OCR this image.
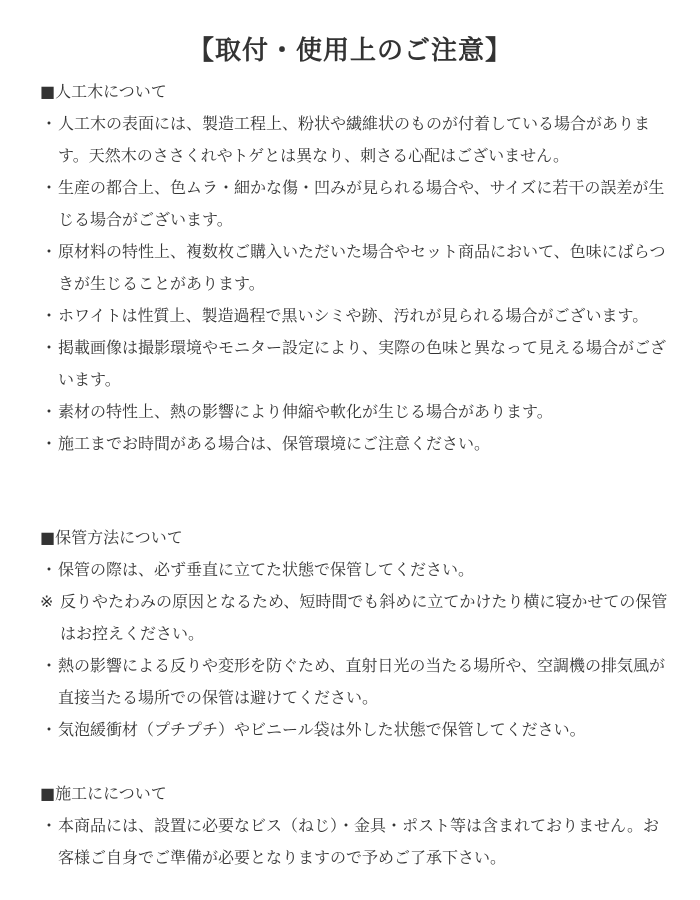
【取付・使用上のご注意】
■人工木について

・ 人工木の表面には、製造工程上、粉状や繊維状のものが付着している場合があります。天然木のささくれやトゲとは異なり、刺さる心配はございません。

・ 生産の都合上、色ムラ・細かな傷・凹みが見られる場合や、サイズに若干の誤差が生じる場合がございます。

・ 原材料の特性上、複数枚ご購入いただいた場合やセット商品において、色味にばらつきが生じることがあります。

・ ホワイトは性質上、製造過程で黒いシミや跡、汚れが見られる場合がございます。

・ 掲載画像は撮影環境やモニター設定により、実際の色味と異なって見える場合がございます。

・ 素材の特性上、熱の影響により伸縮や軟化が生じる場合があります。

・ 施工までお時間がある場合は、保管環境にご注意ください。

■保管方法について

・ 保管の際は、必ず垂直に立てた状態で保管してください。

※ 反りやたわみの原因となるため、短時間でも斜めに立てかけたり横に寝かせての保管はお控えください。

・ 熱の影響による反りや変形を防ぐため、直射日光の当たる場所や、空調機の排気風が直接当たる場所での保管は避けてください。

・ 気泡緩衝材（プチプチ）やビニール袋は外した状態で保管してください。

■施工にについて

・ 本商品には、設置に必要なビス（ねじ）・金具・ポスト等は含まれておりません。お客様ご自身でご準備が必要となりますので予めご了承下さい。
